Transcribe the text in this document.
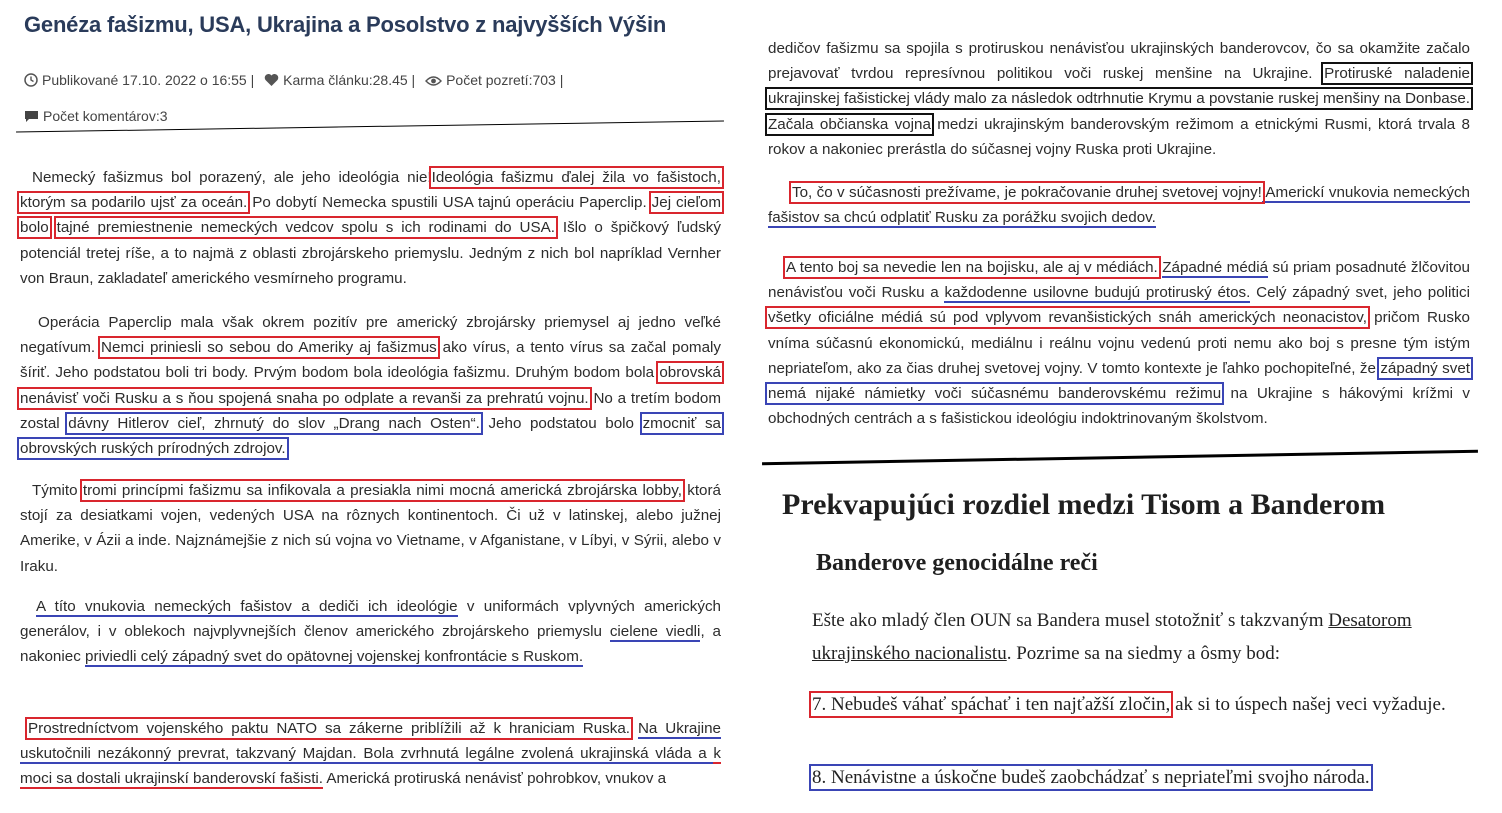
Genéza fašizmu, USA, Ukrajina a Posolstvo z najvyšších Výšin
Publikované 17.10. 2022 o 16:55 | Karma článku:28.45 | Počet pozretí:703 |
Počet komentárov:3

Nemecký fašizmus bol porazený, ale jeho ideológia nie!Ideológia fašizmu ďalej žila vo fašistoch, ktorým sa podarilo ujsť za oceán. Po dobytí Nemecka spustili USA tajnú operáciu Paperclip. Jej cieľom bolo tajné premiestnenie nemeckých vedcov spolu s ich rodinami do USA. Išlo o špičkový ľudský potenciál tretej ríše, a to najmä z oblasti zbrojárskeho priemyslu. Jedným z nich bol napríklad Vernher von Braun, zakladateľ amerického vesmírneho programu.

Operácia Paperclip mala však okrem pozitív pre americký zbrojársky priemysel aj jedno veľké negatívum. Nemci priniesli so sebou do Ameriky aj fašizmus ako vírus, a tento vírus sa začal pomaly šíriť. Jeho podstatou boli tri body. Prvým bodom bola ideológia fašizmu. Druhým bodom bola obrovská nenávisť voči Rusku a s ňou spojená snaha po odplate a revanši za prehratú vojnu. No a tretím bodom zostal dávny Hitlerov cieľ, zhrnutý do slov „Drang nach Osten“. Jeho podstatou bolo zmocniť sa obrovských ruských prírodných zdrojov.

Týmito tromi princípmi fašizmu sa infikovala a presiakla nimi mocná americká zbrojárska lobby, ktorá stojí za desiatkami vojen, vedených USA na rôznych kontinentoch. Či už v latinskej, alebo južnej Amerike, v Ázii a inde. Najznámejšie z nich sú vojna vo Vietname, v Afganistane, v Líbyi, v Sýrii, alebo v Iraku.

A títo vnukovia nemeckých fašistov a dediči ich ideológie v uniformách vplyvných amerických generálov, i v oblekoch najvplyvnejších členov amerického zbrojárskeho priemyslu cielene viedli, a nakoniec priviedli celý západný svet do opätovnej vojenskej konfrontácie s Ruskom.

Prostredníctvom vojenského paktu NATO sa zákerne priblížili až k hraniciam Ruska. Na Ukrajine uskutočnili nezákonný prevrat, takzvaný Majdan. Bola zvrhnutá legálne zvolená ukrajinská vláda a k moci sa dostali ukrajinskí banderovskí fašisti. Americká protiruská nenávisť pohrobkov, vnukov a

dedičov fašizmu sa spojila s protiruskou nenávisťou ukrajinských banderovcov, čo sa okamžite začalo prejavovať tvrdou represívnou politikou voči ruskej menšine na Ukrajine. Protiruské naladenie ukrajinskej fašistickej vlády malo za následok odtrhnutie Krymu a povstanie ruskej menšiny na Donbase. Začala občianska vojna medzi ukrajinským banderovským režimom a etnickými Rusmi, ktorá trvala 8 rokov a nakoniec prerástla do súčasnej vojny Ruska proti Ukrajine.

To, čo v súčasnosti prežívame, je pokračovanie druhej svetovej vojny! Americkí vnukovia nemeckých fašistov sa chcú odplatiť Rusku za porážku svojich dedov.

A tento boj sa nevedie len na bojisku, ale aj v médiách. Západné médiá sú priam posadnuté žlčovitou nenávisťou voči Rusku a každodenne usilovne budujú protiruský étos. Celý západný svet, jeho politici všetky oficiálne médiá sú pod vplyvom revanšistických snáh amerických neonacistov, pričom Rusko vníma súčasnú ekonomickú, mediálnu i reálnu vojnu vedenú proti nemu ako boj s presne tým istým nepriateľom, ako za čias druhej svetovej vojny. V tomto kontexte je ľahko pochopiteľné, že západný svet nemá nijaké námietky voči súčasnému banderovskému režimu na Ukrajine s hákovými krížmi v obchodných centrách a s fašistickou ideológiu indoktrinovaným školstvom.

Prekvapujúci rozdiel medzi Tisom a Banderom
Banderove genocidálne reči

Ešte ako mladý člen OUN sa Bandera musel stotožniť s takzvaným Desatorom ukrajinského nacionalistu. Pozrime sa na siedmy a ôsmy bod:

7. Nebudeš váhať spáchať i ten najťažší zločin, ak si to úspech našej veci vyžaduje.

8. Nenávistne a úskočne budeš zaobchádzať s nepriateľmi svojho národa.
